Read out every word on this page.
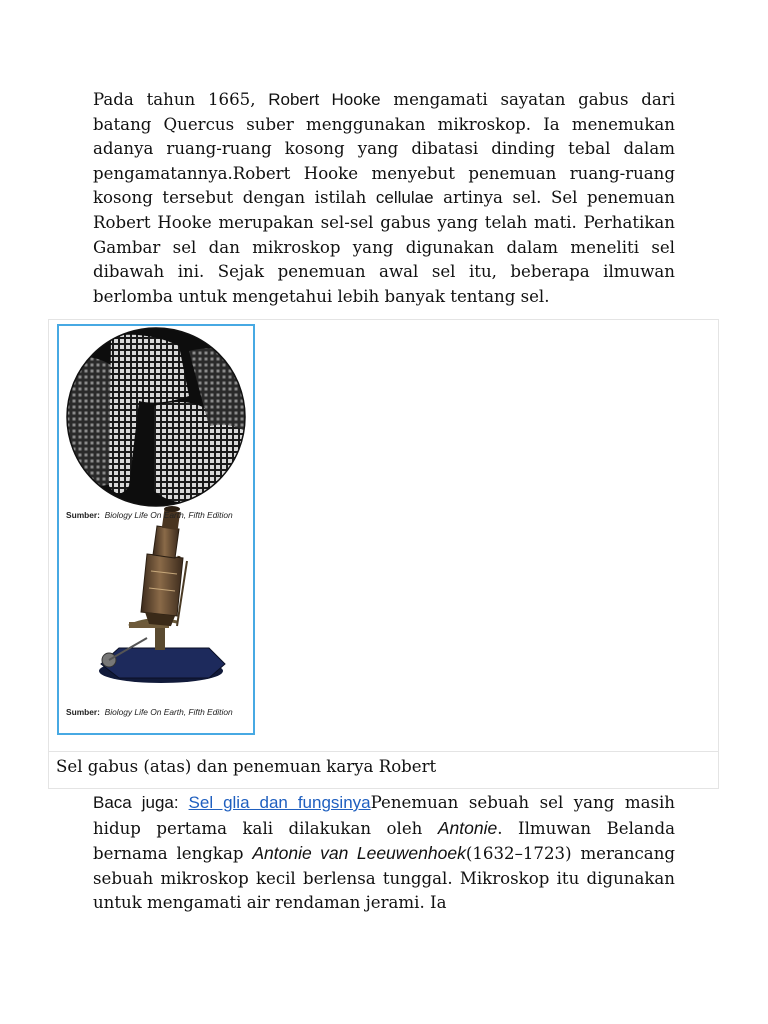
Pada tahun 1665, Robert Hooke mengamati sayatan gabus dari batang Quercus suber menggunakan mikroskop. Ia menemukan adanya ruang-ruang kosong yang dibatasi dinding tebal dalam pengamatannya.Robert Hooke menyebut penemuan ruang-ruang kosong tersebut dengan istilah cellulae artinya sel. Sel penemuan Robert Hooke merupakan sel-sel gabus yang telah mati. Perhatikan Gambar sel dan mikroskop yang digunakan dalam meneliti sel dibawah ini. Sejak penemuan awal sel itu, beberapa ilmuwan berlomba untuk mengetahui lebih banyak tentang sel.

Sumber: Biology Life On Earth, Fifth Edition
Sumber: Biology Life On Earth, Fifth Edition
Sel gabus (atas) dan penemuan karya Robert

Baca juga: Sel glia dan fungsinyaPenemuan sebuah sel yang masih hidup pertama kali dilakukan oleh Antonie. Ilmuwan Belanda bernama lengkap Antonie van Leeuwenhoek(1632–1723) merancang sebuah mikroskop kecil berlensa tunggal. Mikroskop itu digunakan untuk mengamati air rendaman jerami. Ia
